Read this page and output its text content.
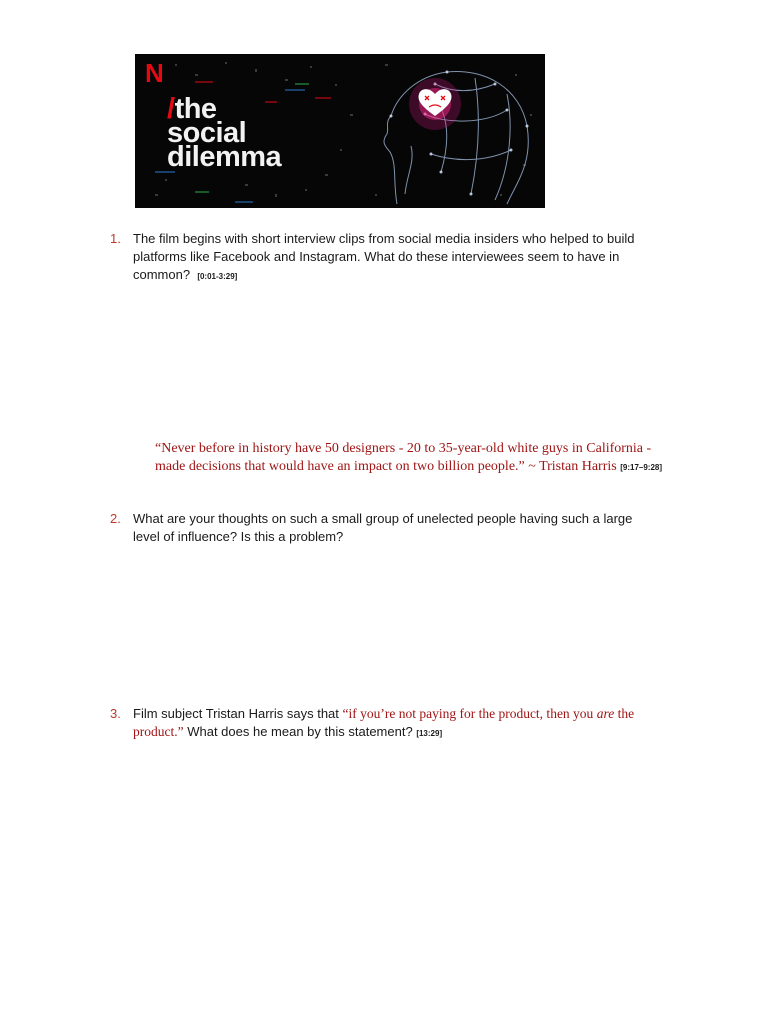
N
/the
social
dilemma
1. The film begins with short interview clips from social media insiders who helped to build platforms like Facebook and Instagram. What do these interviewees seem to have in common? [0:01-3:29]
“Never before in history have 50 designers - 20 to 35-year-old white guys in California - made decisions that would have an impact on two billion people.” ~ Tristan Harris [9:17–9:28]
2. What are your thoughts on such a small group of unelected people having such a large level of influence? Is this a problem?
3. Film subject Tristan Harris says that “if you’re not paying for the product, then you are the product.” What does he mean by this statement? [13:29]
